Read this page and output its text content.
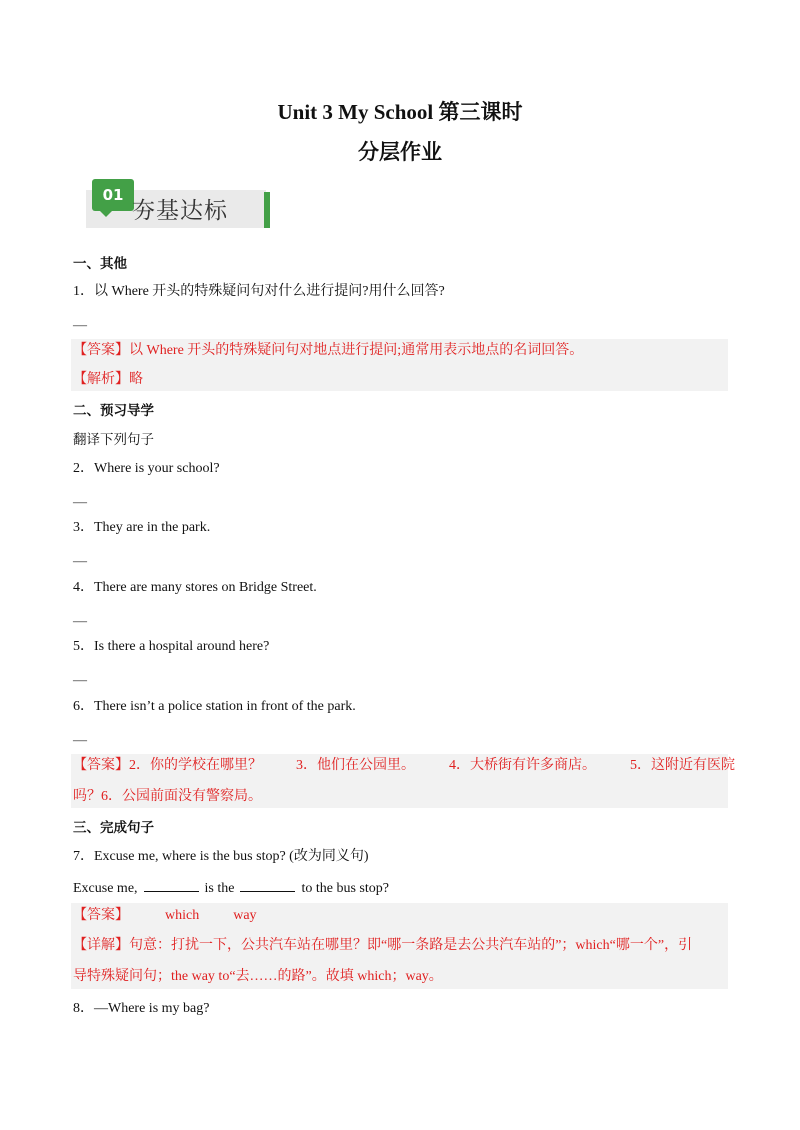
Unit 3 My School 第三课时
分层作业
01
夯基达标
一、其他
1．以 Where 开头的特殊疑问句对什么进行提问?用什么回答?
—
【答案】以 Where 开头的特殊疑问句对地点进行提问;通常用表示地点的名词回答。
【解析】略
二、预习导学
翻译下列句子
2．Where is your school?
—
3．They are in the park.
—
4．There are many stores on Bridge Street.
—
5．Is there a hospital around here?
—
6．There isn’t a police station in front of the park.
—
【答案】2．你的学校在哪里？ 3．他们在公园里。 4．大桥街有许多商店。 5．这附近有医院
吗？6．公园前面没有警察局。
三、完成句子
7．Excuse me, where is the bus stop? (改为同义句)
Excuse me,	is the	to the bus stop?
【答案】	which way
【详解】句意：打扰一下，公共汽车站在哪里？即“哪一条路是去公共汽车站的”；which“哪一个”，引
导特殊疑问句；the way to“去……的路”。故填 which；way。
8．—Where is my bag?
